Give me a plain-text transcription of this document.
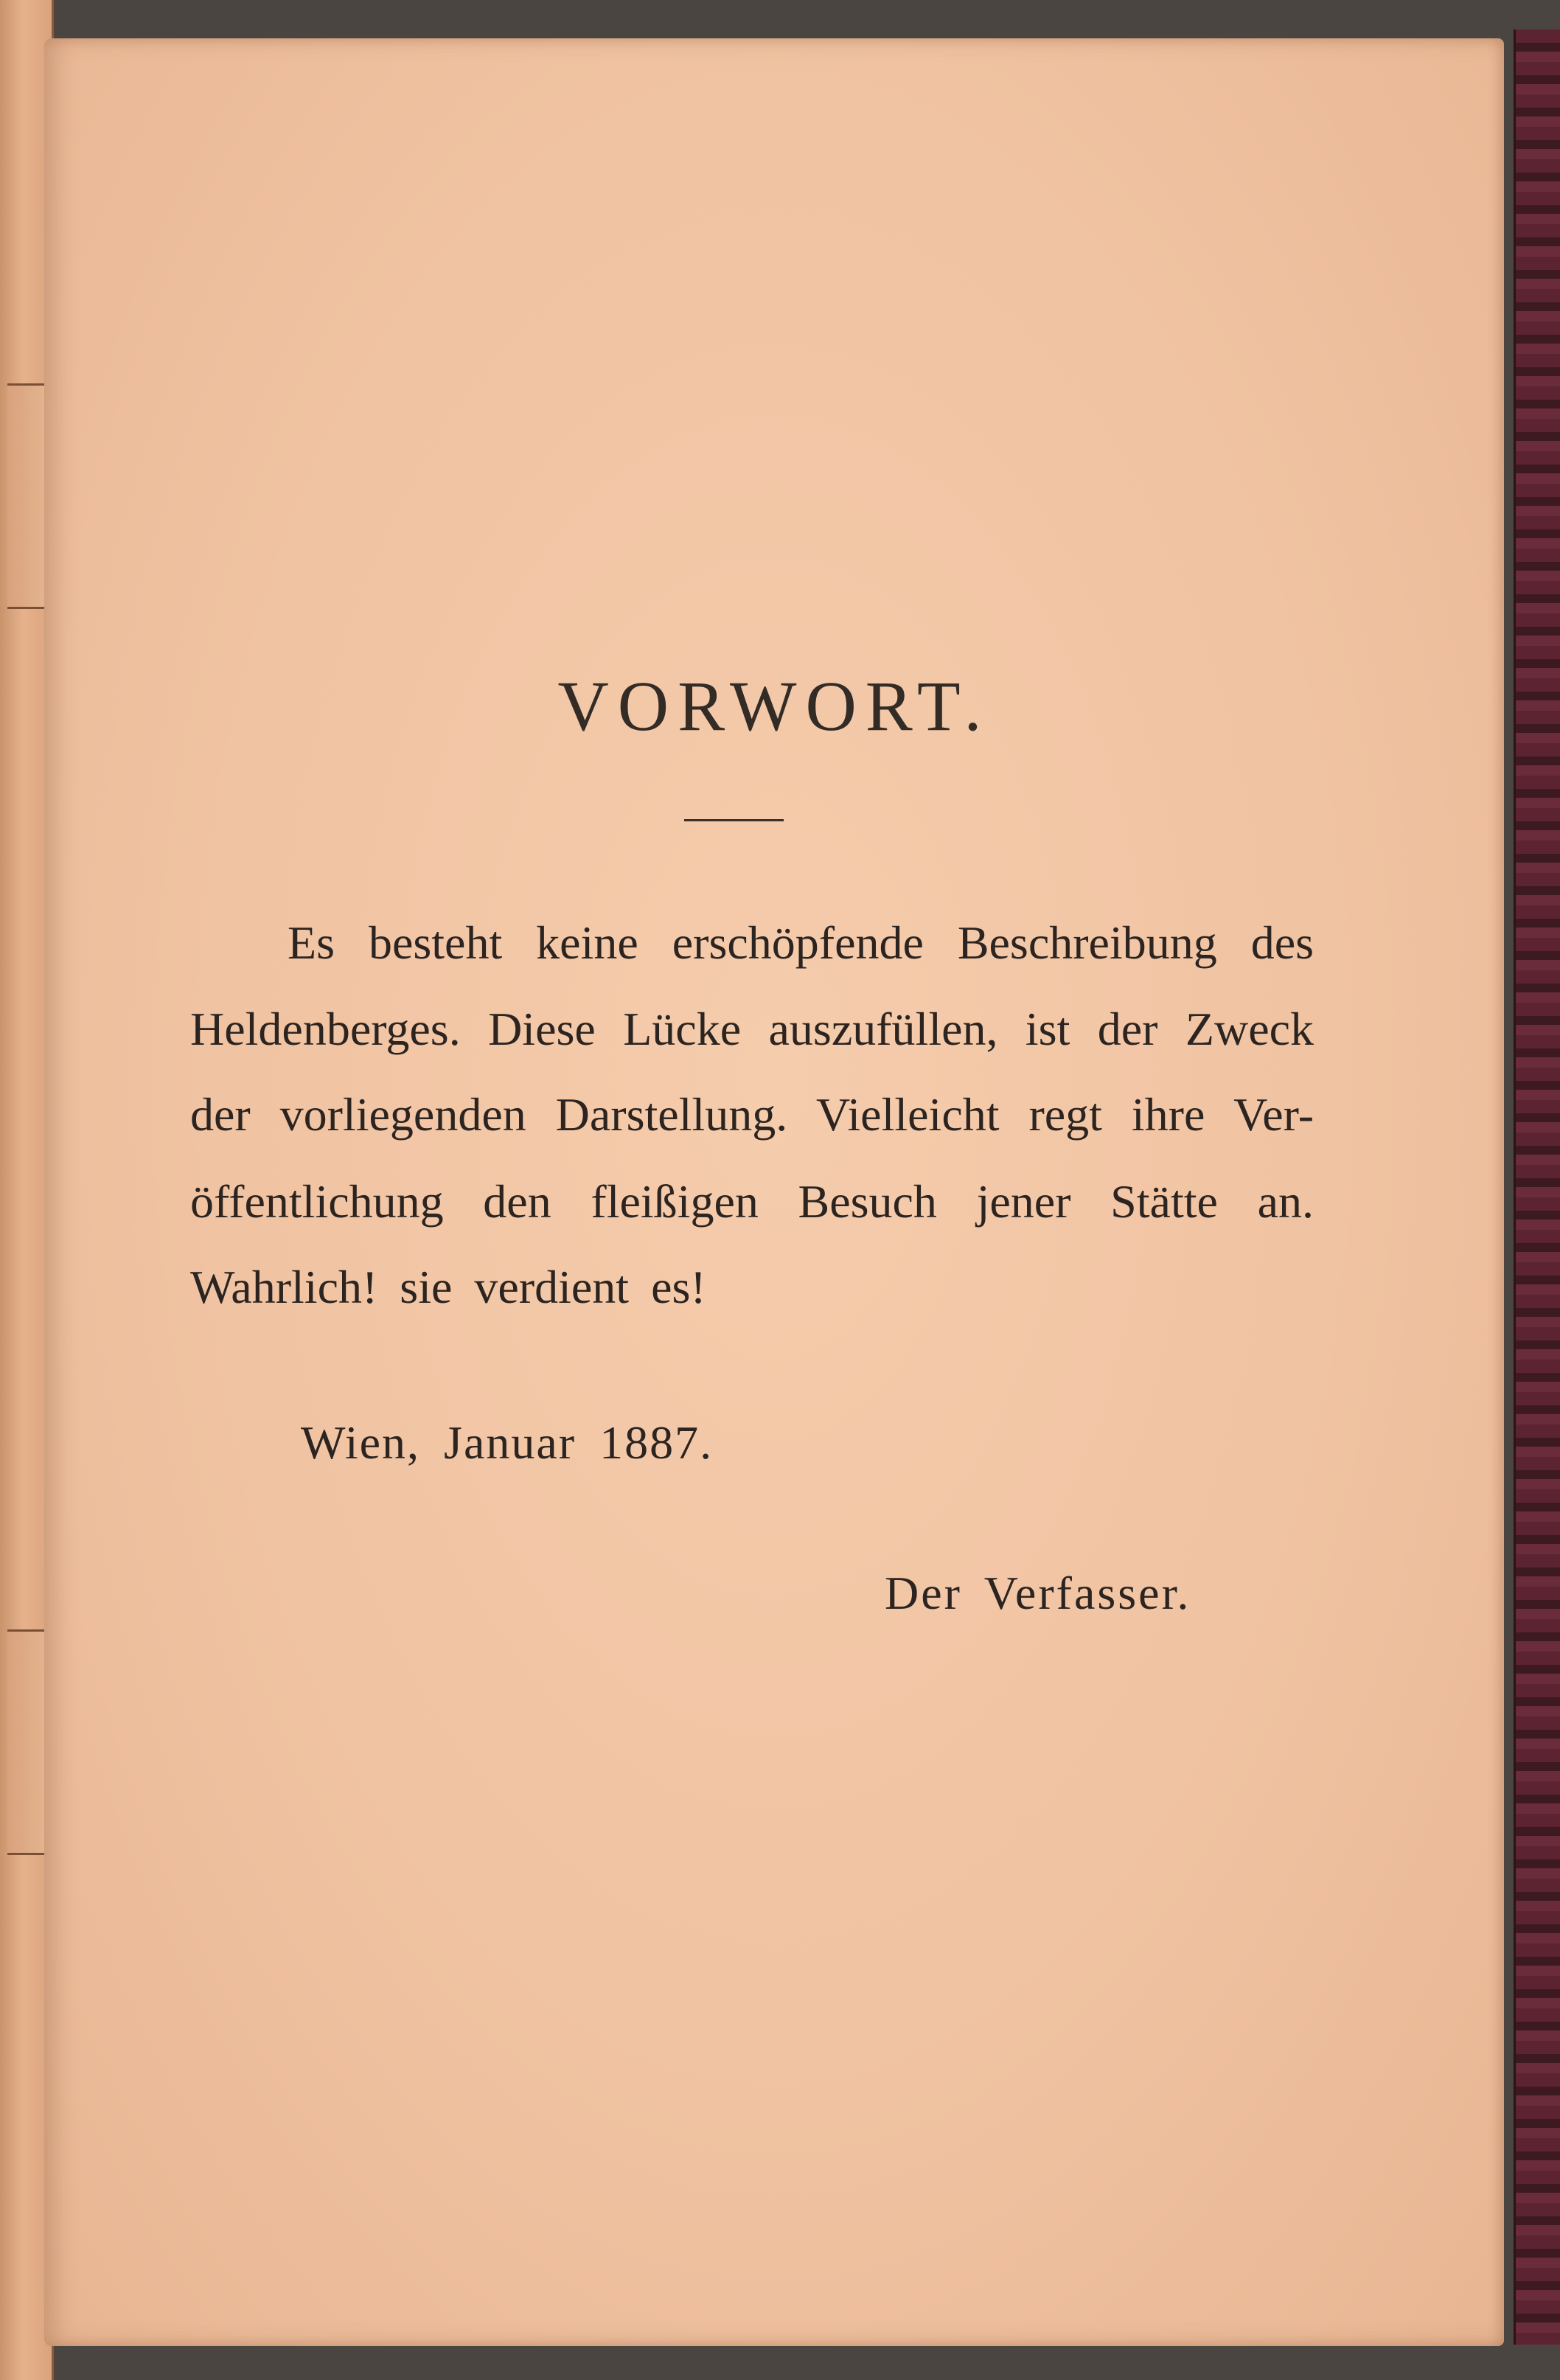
VORWORT.
Es besteht keine erschöpfende Beschreibung des
Heldenberges. Diese Lücke auszufüllen, ist der Zweck
der vorliegenden Darstellung. Vielleicht regt ihre Ver-
öffentlichung den fleißigen Besuch jener Stätte an.
Wahrlich! sie verdient es!
Wien, Januar 1887.
Der Verfasser.
